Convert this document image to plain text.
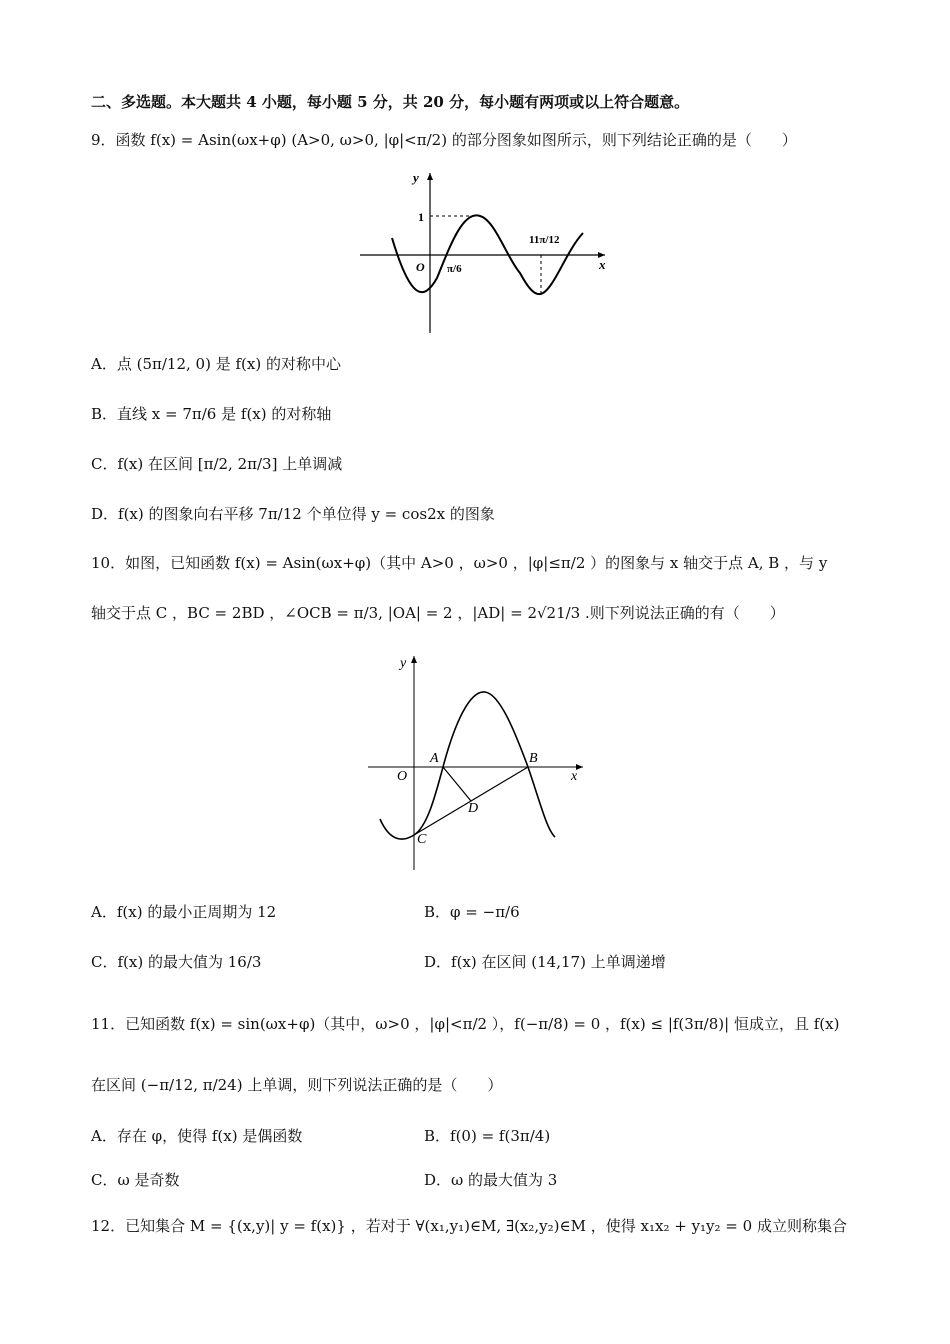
二、多选题。本大题共 4 小题，每小题 5 分，共 20 分，每小题有两项或以上符合题意。
9．函数 f(x) = Asin(ωx+φ) (A>0, ω>0, |φ|<π/2) 的部分图象如图所示，则下列结论正确的是（　　）
y
x
O
1
π/6
11π/12
A．点 (5π/12, 0) 是 f(x) 的对称中心
B．直线 x = 7π/6 是 f(x) 的对称轴
C．f(x) 在区间 [π/2, 2π/3] 上单调减
D．f(x) 的图象向右平移 7π/12 个单位得 y = cos2x 的图象
10．如图，已知函数 f(x) = Asin(ωx+φ)（其中 A>0 ，ω>0 ，|φ|≤π/2 ）的图象与 x 轴交于点 A, B ，与 y
轴交于点 C ，BC = 2BD ，∠OCB = π/3, |OA| = 2 ，|AD| = 2√21/3 .则下列说法正确的有（　　）
y
x
O
A	B
C
D
A．f(x) 的最小正周期为 12	B．φ = −π/6
C．f(x) 的最大值为 16/3	D．f(x) 在区间 (14,17) 上单调递增
11．已知函数 f(x) = sin(ωx+φ)（其中，ω>0 ，|φ|<π/2 ），f(−π/8) = 0 ，f(x) ≤ |f(3π/8)| 恒成立，且 f(x)
在区间 (−π/12, π/24) 上单调，则下列说法正确的是（　　）
A．存在 φ，使得 f(x) 是偶函数	B．f(0) = f(3π/4)
C．ω 是奇数	D．ω 的最大值为 3
12．已知集合 M = {(x,y)| y = f(x)} ，若对于 ∀(x₁,y₁)∈M, ∃(x₂,y₂)∈M ，使得 x₁x₂ + y₁y₂ = 0 成立则称集合
